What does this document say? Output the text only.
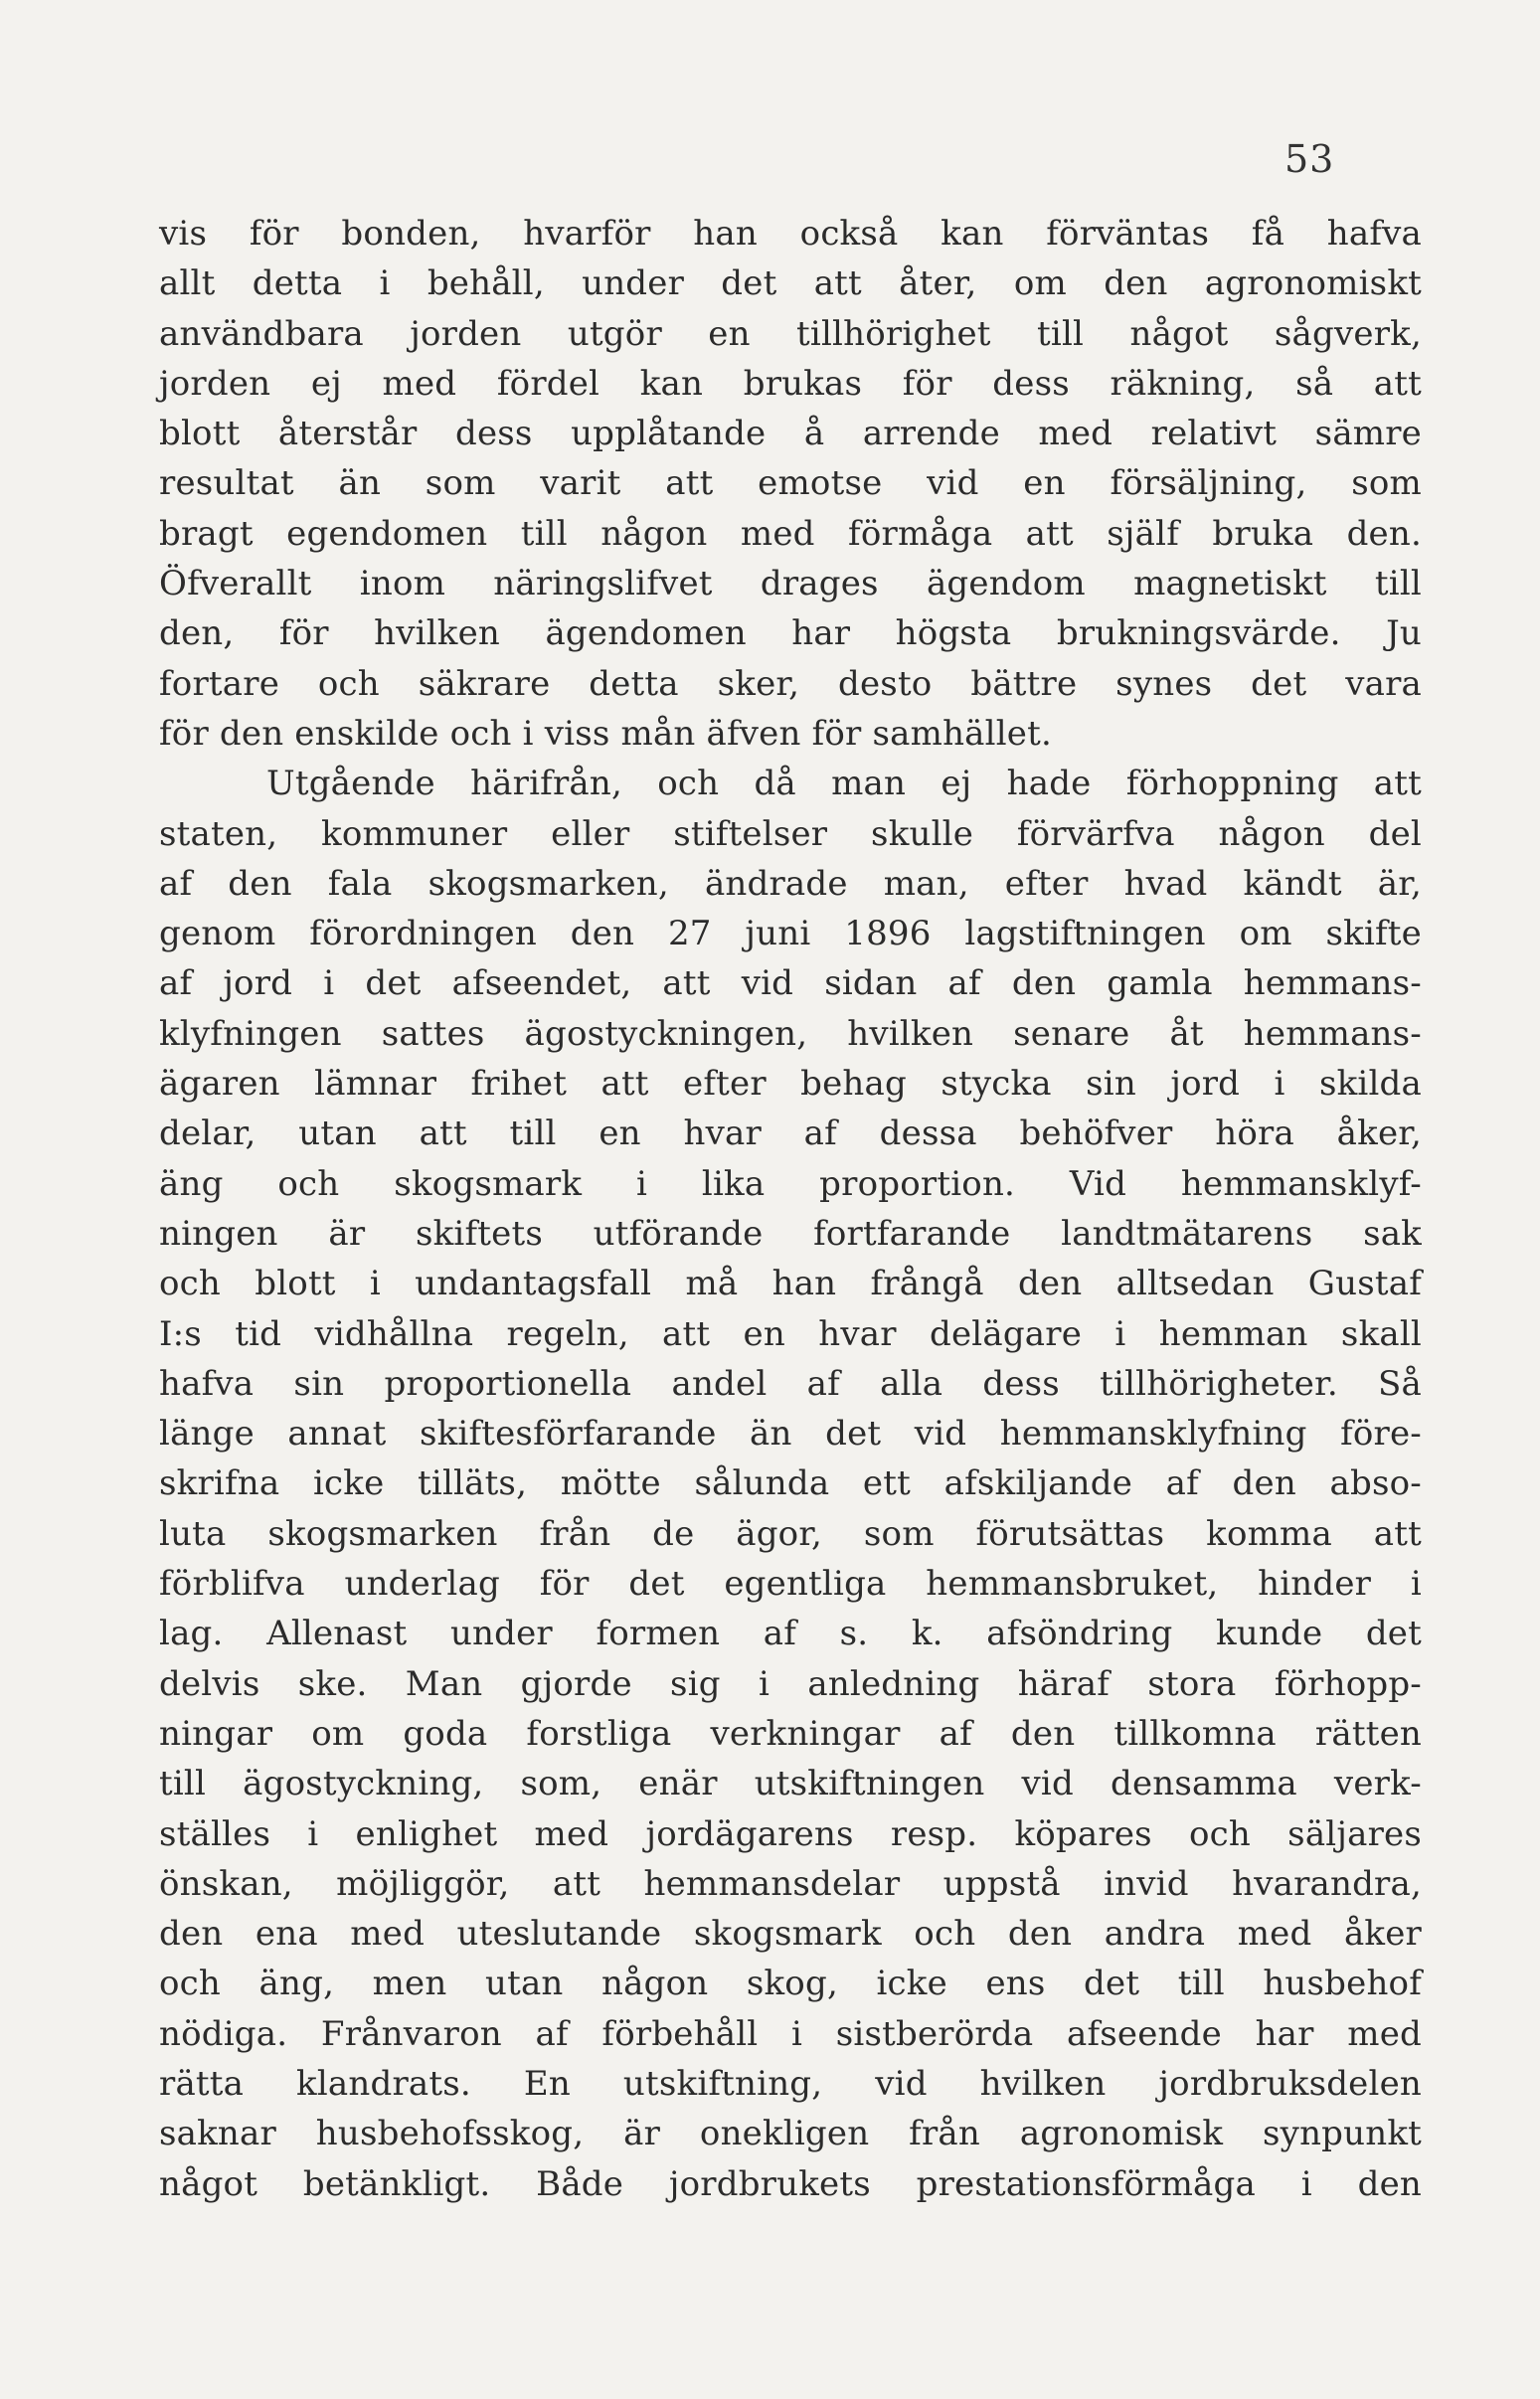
53
vis för bonden, hvarför han också kan förväntas få hafva
allt detta i behåll, under det att åter, om den agronomiskt
användbara jorden utgör en tillhörighet till något sågverk,
jorden ej med fördel kan brukas för dess räkning, så att
blott återstår dess upplåtande å arrende med relativt sämre
resultat än som varit att emotse vid en försäljning, som
bragt egendomen till någon med förmåga att själf bruka den.
Öfverallt inom näringslifvet drages ägendom magnetiskt till
den, för hvilken ägendomen har högsta brukningsvärde. Ju
fortare och säkrare detta sker, desto bättre synes det vara
för den enskilde och i viss mån äfven för samhället.
Utgående härifrån, och då man ej hade förhoppning att
staten, kommuner eller stiftelser skulle förvärfva någon del
af den fala skogsmarken, ändrade man, efter hvad kändt är,
genom förordningen den 27 juni 1896 lagstiftningen om skifte
af jord i det afseendet, att vid sidan af den gamla hemmans-
klyfningen sattes ägostyckningen, hvilken senare åt hemmans-
ägaren lämnar frihet att efter behag stycka sin jord i skilda
delar, utan att till en hvar af dessa behöfver höra åker,
äng och skogsmark i lika proportion. Vid hemmansklyf-
ningen är skiftets utförande fortfarande landtmätarens sak
och blott i undantagsfall må han frångå den alltsedan Gustaf
I:s tid vidhållna regeln, att en hvar delägare i hemman skall
hafva sin proportionella andel af alla dess tillhörigheter. Så
länge annat skiftesförfarande än det vid hemmansklyfning före-
skrifna icke tilläts, mötte sålunda ett afskiljande af den abso-
luta skogsmarken från de ägor, som förutsättas komma att
förblifva underlag för det egentliga hemmansbruket, hinder i
lag. Allenast under formen af s. k. afsöndring kunde det
delvis ske. Man gjorde sig i anledning häraf stora förhopp-
ningar om goda forstliga verkningar af den tillkomna rätten
till ägostyckning, som, enär utskiftningen vid densamma verk-
ställes i enlighet med jordägarens resp. köpares och säljares
önskan, möjliggör, att hemmansdelar uppstå invid hvarandra,
den ena med uteslutande skogsmark och den andra med åker
och äng, men utan någon skog, icke ens det till husbehof
nödiga. Frånvaron af förbehåll i sistberörda afseende har med
rätta klandrats. En utskiftning, vid hvilken jordbruksdelen
saknar husbehofsskog, är onekligen från agronomisk synpunkt
något betänkligt. Både jordbrukets prestationsförmåga i den
